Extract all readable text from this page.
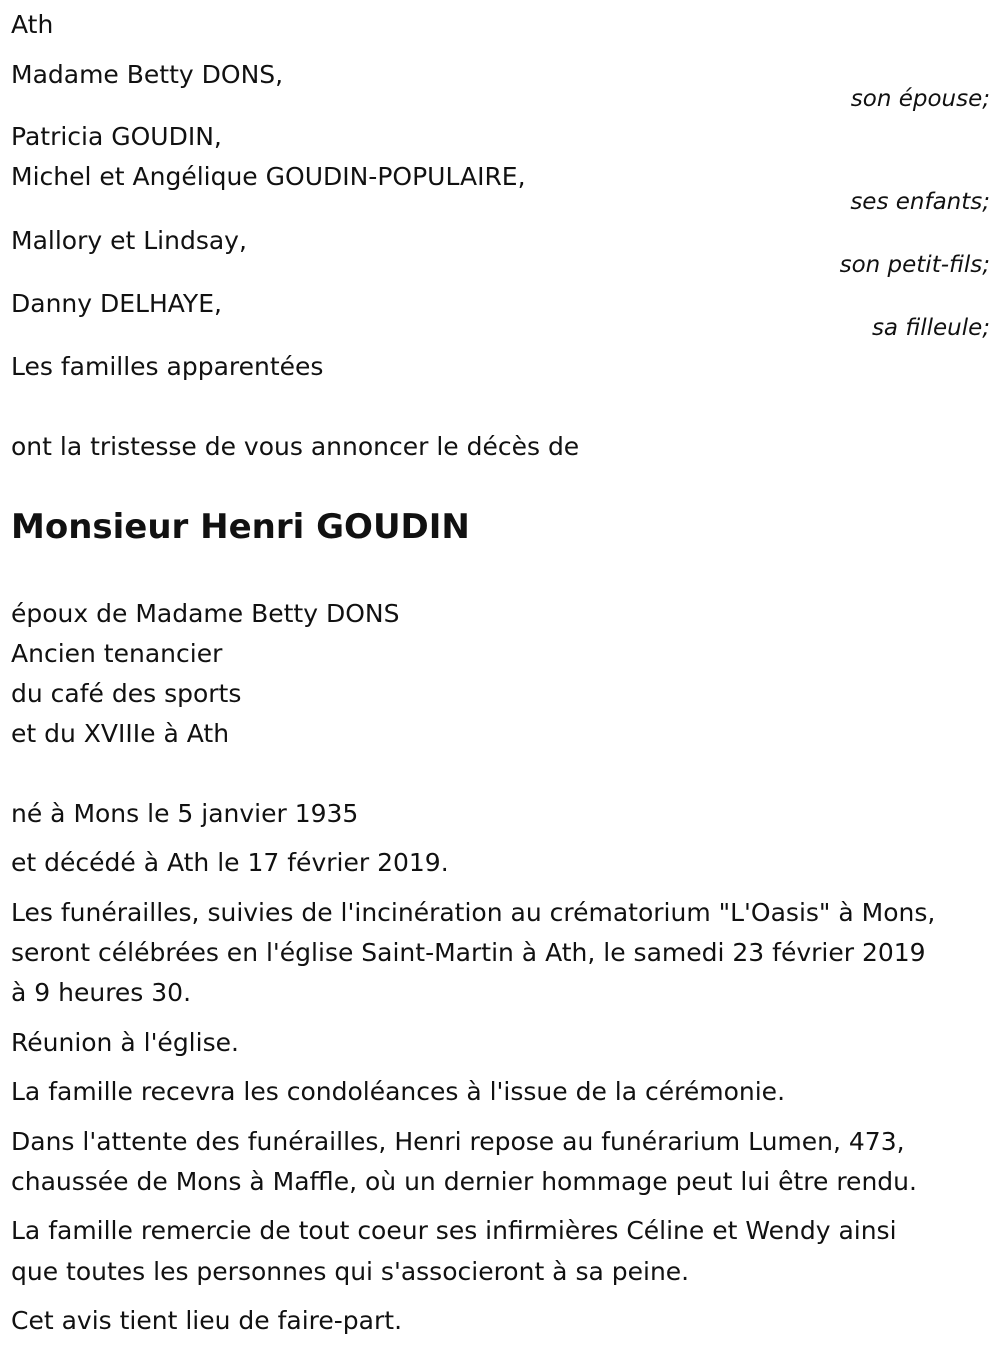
Ath

Madame Betty DONS,

son épouse;

Patricia GOUDIN,

Michel et Angélique GOUDIN-POPULAIRE,

ses enfants;

Mallory et Lindsay,

son petit-fils;

Danny DELHAYE,

sa filleule;

Les familles apparentées

ont la tristesse de vous annoncer le décès de

Monsieur Henri GOUDIN

époux de Madame Betty DONS

Ancien tenancier

du café des sports

et du XVIIIe à Ath

né à Mons le 5 janvier 1935

et décédé à Ath le 17 février 2019.

Les funérailles, suivies de l'incinération au crématorium "L'Oasis" à Mons,

seront célébrées en l'église Saint-Martin à Ath, le samedi 23 février 2019

à 9 heures 30.

Réunion à l'église.

La famille recevra les condoléances à l'issue de la cérémonie.

Dans l'attente des funérailles, Henri repose au funérarium Lumen, 473,

chaussée de Mons à Maffle, où un dernier hommage peut lui être rendu.

La famille remercie de tout coeur ses infirmières Céline et Wendy ainsi

que toutes les personnes qui s'associeront à sa peine.

Cet avis tient lieu de faire-part.
